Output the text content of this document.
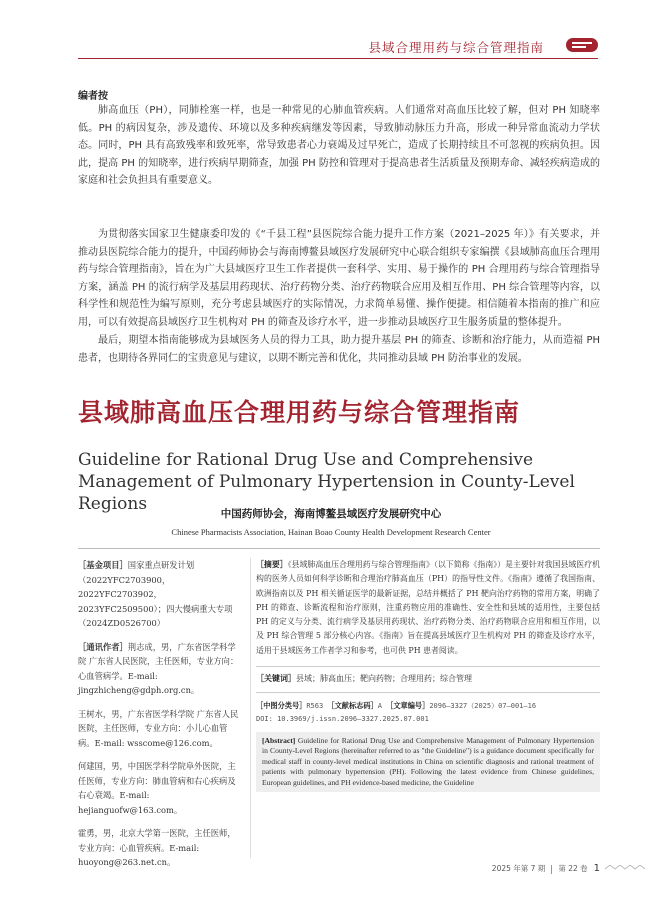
县域合理用药与综合管理指南
编者按

肺高血压（PH），同肺栓塞一样，也是一种常见的心肺血管疾病。人们通常对高血压比较了解，但对 PH 知晓率低。PH 的病因复杂，涉及遗传、环境以及多种疾病继发等因素，导致肺动脉压力升高，形成一种异常血流动力学状态。同时，PH 具有高致残率和致死率，常导致患者心力衰竭及过早死亡，造成了长期持续且不可忽视的疾病负担。因此，提高 PH 的知晓率，进行疾病早期筛查，加强 PH 防控和管理对于提高患者生活质量及预期寿命、减轻疾病造成的家庭和社会负担具有重要意义。

为贯彻落实国家卫生健康委印发的《“千县工程”县医院综合能力提升工作方案（2021–2025 年）》有关要求，并推动县医院综合能力的提升，中国药师协会与海南博鳌县域医疗发展研究中心联合组织专家编撰《县域肺高血压合理用药与综合管理指南》，旨在为广大县域医疗卫生工作者提供一套科学、实用、易于操作的 PH 合理用药与综合管理指导方案，涵盖 PH 的流行病学及基层用药现状、治疗药物分类、治疗药物联合应用及相互作用、PH 综合管理等内容，以科学性和规范性为编写原则，充分考虑县域医疗的实际情况，力求简单易懂、操作便捷。相信随着本指南的推广和应用，可以有效提高县域医疗卫生机构对 PH 的筛查及诊疗水平，进一步推动县域医疗卫生服务质量的整体提升。

最后，期望本指南能够成为县域医务人员的得力工具，助力提升基层 PH 的筛查、诊断和治疗能力，从而造福 PH 患者，也期待各界同仁的宝贵意见与建议，以期不断完善和优化，共同推动县域 PH 防治事业的发展。

县域肺高血压合理用药与综合管理指南
Guideline for Rational Drug Use and Comprehensive Management of Pulmonary Hypertension in County-Level Regions	中国药师协会，海南博鳌县域医疗发展研究中心
Chinese Pharmacists Association, Hainan Boao County Health Development Research Center
［基金项目］国家重点研发计划（2022YFC2703900，2022YFC2703902，2023YFC2509500）；四大慢病重大专项（2024ZD0526700）
［通讯作者］荆志成，男，广东省医学科学院 广东省人民医院，主任医师，专业方向：心血管病学。E-mail: jingzhicheng@gdph.org.cn。
王树水，男，广东省医学科学院 广东省人民医院，主任医师，专业方向：小儿心血管病。E-mail: wsscome@126.com。
何建国，男，中国医学科学院阜外医院，主任医师，专业方向：肺血管病和右心疾病及右心衰竭。E-mail: hejianguofw@163.com。
霍勇，男，北京大学第一医院，主任医师，专业方向：心血管疾病。E-mail: huoyong@263.net.cn。
［摘要］《县域肺高血压合理用药与综合管理指南》（以下简称《指南》）是主要针对我国县域医疗机构的医务人员如何科学诊断和合理治疗肺高血压（PH）的指导性文件。《指南》遵循了我国指南、欧洲指南以及 PH 相关循证医学的最新证据，总结并概括了 PH 靶向治疗药物的常用方案，明确了 PH 的筛查、诊断流程和治疗原则，注重药物应用的准确性、安全性和县域的适用性，主要包括 PH 的定义与分类、流行病学及基层用药现状、治疗药物分类、治疗药物联合应用和相互作用，以及 PH 综合管理 5 部分核心内容。《指南》旨在提高县域医疗卫生机构对 PH 的筛查及诊疗水平，适用于县域医务工作者学习和参考，也可供 PH 患者阅读。
［关键词］县域；肺高血压；靶向药物；合理用药；综合管理
［中图分类号］R563 ［文献标志码］A ［文章编号］2096–3327（2025）07–001–16
DOI: 10.3969/j.issn.2096–3327.2025.07.001
[Abstract] Guideline for Rational Drug Use and Comprehensive Management of Pulmonary Hypertension in County-Level Regions (hereinafter referred to as "the Guideline") is a guidance document specifically for medical staff in county-level medical institutions in China on scientific diagnosis and rational treatment of patients with pulmonary hypertension (PH). Following the latest evidence from Chinese guidelines, European guidelines, and PH evidence-based medicine, the Guideline
2025 年第 7 期 第 22 卷 1
